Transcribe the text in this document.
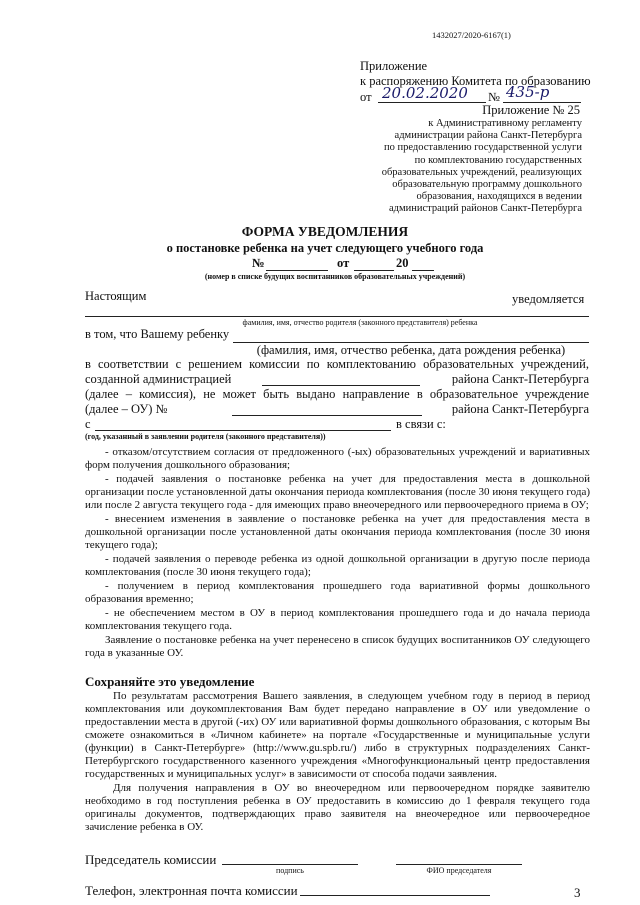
1432027/2020-6167(1)
Приложение
к распоряжению Комитета по образованию
от 20.02.2020 № 435-р
Приложение № 25
к Административному регламенту
администрации района Санкт-Петербурга
по предоставлению государственной услуги
по комплектованию государственных
образовательных учреждений, реализующих
образовательную программу дошкольного
образования, находящихся в ведении
администраций районов Санкт-Петербурга
ФОРМА УВЕДОМЛЕНИЯ
о постановке ребенка на учет следующего учебного года
№	от	20
(номер в списке будущих воспитанников образовательных учреждений)
Настоящим	уведомляется
фамилия, имя, отчество родителя (законного представителя) ребенка
в том, что Вашему ребенку
(фамилия, имя, отчество ребенка, дата рождения ребенка)
в соответствии с решением комиссии по комплектованию образовательных учреждений,
созданной администрацией	района Санкт-Петербурга
(далее – комиссия), не может быть выдано направление в образовательное учреждение
(далее – ОУ) №	района Санкт-Петербурга
с	в связи с:
(год, указанный в заявлении родителя (законного представителя))
- отказом/отсутствием согласия от предложенного (-ых) образовательных учреждений и вариативных форм получения дошкольного образования;
- подачей заявления о постановке ребенка на учет для предоставления места в дошкольной организации после установленной даты окончания периода комплектования (после 30 июня текущего года) или после 2 августа текущего года - для имеющих право внеочередного или первоочередного приема в ОУ;
- внесением изменения в заявление о постановке ребенка на учет для предоставления места в дошкольной организации после установленной даты окончания периода комплектования (после 30 июня текущего года);
- подачей заявления о переводе ребенка из одной дошкольной организации в другую после периода комплектования (после 30 июня текущего года);
- получением в период комплектования прошедшего года вариативной формы дошкольного образования временно;
- не обеспечением местом в ОУ в период комплектования прошедшего года и до начала периода комплектования текущего года.
Заявление о постановке ребенка на учет перенесено в список будущих воспитанников ОУ следующего года в указанные ОУ.
Сохраняйте это уведомление
По результатам рассмотрения Вашего заявления, в следующем учебном году в период в период комплектования или доукомплектования Вам будет передано направление в ОУ или уведомление о предоставлении места в другой (-их) ОУ или вариативной формы дошкольного образования, с которым Вы сможете ознакомиться в «Личном кабинете» на портале «Государственные и муниципальные услуги (функции) в Санкт-Петербурге» (http://www.gu.spb.ru/) либо в структурных подразделениях Санкт-Петербургского государственного казенного учреждения «Многофункциональный центр предоставления государственных и муниципальных услуг» в зависимости от способа подачи заявления.
Для получения направления в ОУ во внеочередном или первоочередном порядке заявителю необходимо в год поступления ребенка в ОУ предоставить в комиссию до 1 февраля текущего года оригиналы документов, подтверждающих право заявителя на внеочередное или первоочередное зачисление ребенка в ОУ.
Председатель комиссии
подпись	ФИО председателя
Телефон, электронная почта комиссии	3
